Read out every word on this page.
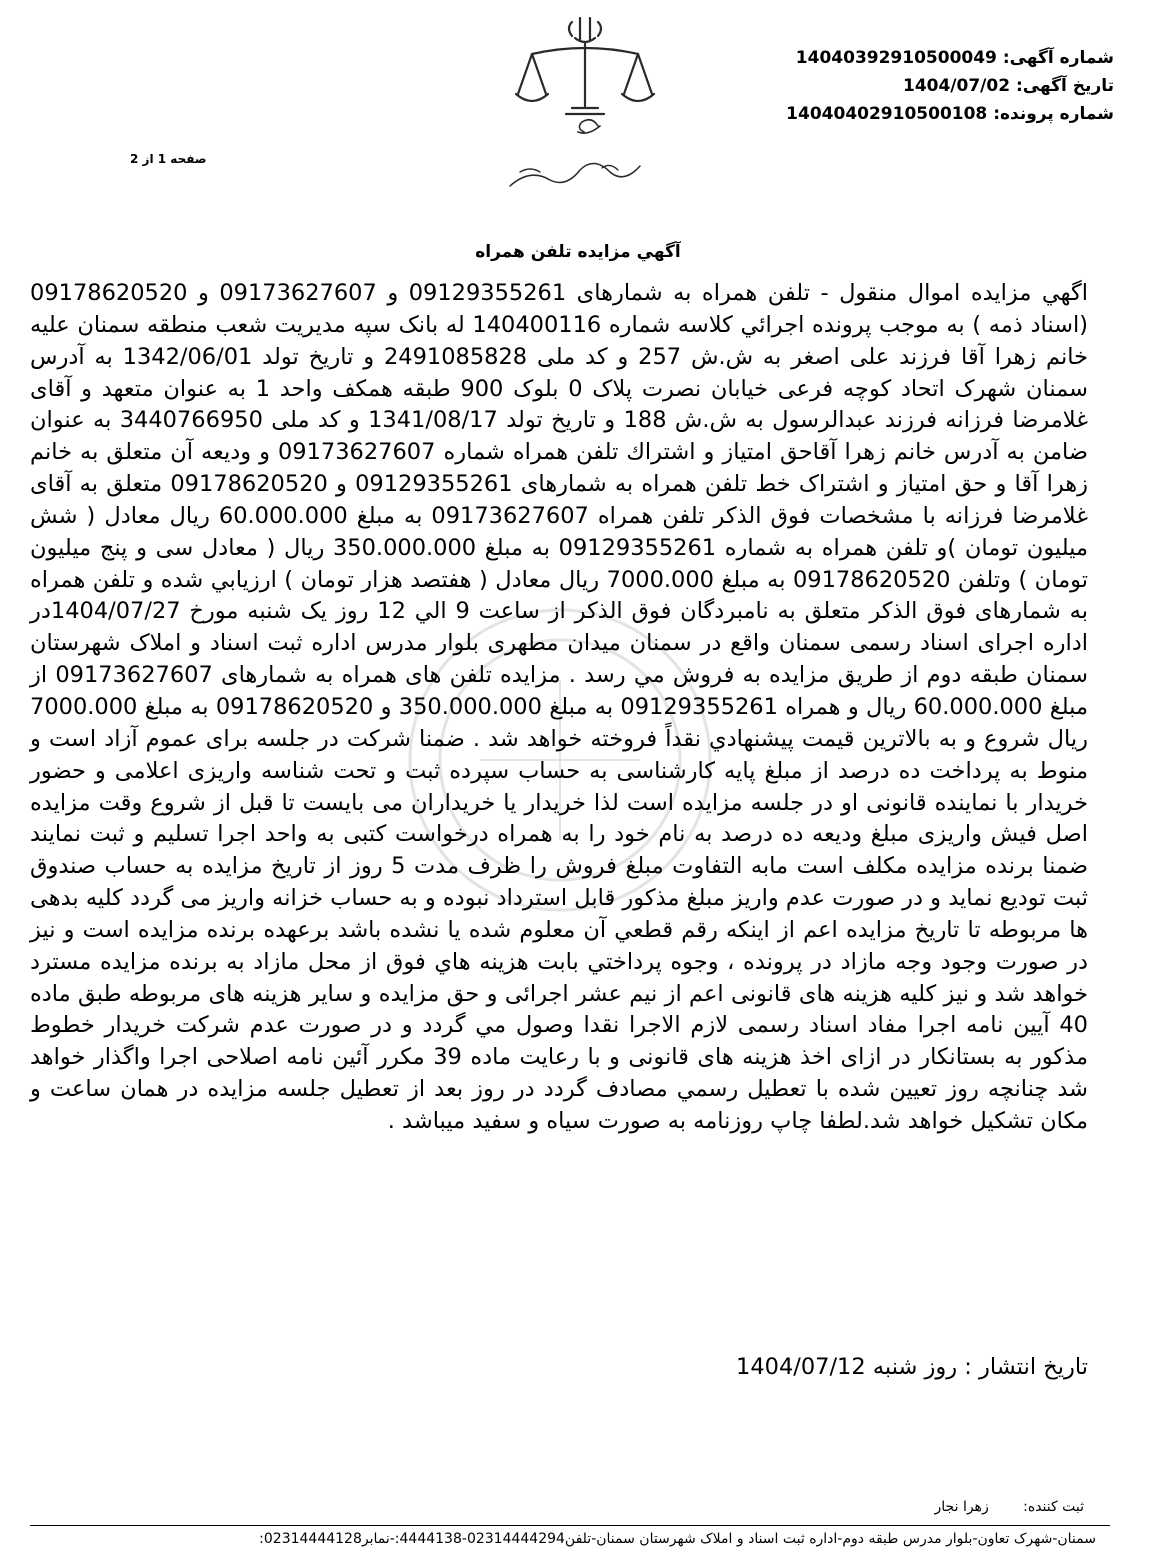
شماره آگهی: 14040392910500049
تاریخ آگهی: 1404/07/02
شماره پرونده: 14040402910500108
صفحه 1 از 2
آگهي مزايده تلفن همراه

اگهي مزايده اموال منقول - تلفن همراه به شمارهای 09129355261 و 09173627607 و 09178620520 (اسناد ذمه ) به موجب پرونده اجرائي كلاسه شماره 140400116 له بانک سپه مدیریت شعب منطقه سمنان علیه خانم زهرا آقا فرزند علی اصغر به ش.ش 257 و کد ملی 2491085828 و تاریخ تولد 1342/06/01 به آدرس سمنان شهرک اتحاد کوچه فرعی خیابان نصرت پلاک 0 بلوک 900 طبقه همکف واحد 1 به عنوان متعهد و آقای غلامرضا فرزانه فرزند عبدالرسول به ش.ش 188 و تاریخ تولد 1341/08/17 و کد ملی 3440766950 به عنوان ضامن به آدرس خانم زهرا آقاحق امتیاز و اشتراك تلفن همراه شماره 09173627607 و ودیعه آن متعلق به خانم زهرا آقا و حق امتیاز و اشتراک خط تلفن همراه به شمارهای 09129355261 و 09178620520 متعلق به آقای غلامرضا فرزانه با مشخصات فوق الذكر تلفن همراه 09173627607 به مبلغ 60.000.000 ريال معادل ( شش میلیون تومان )و تلفن همراه به شماره 09129355261 به مبلغ 350.000.000 ريال ( معادل سی و پنج میلیون تومان ) وتلفن 09178620520 به مبلغ 7000.000 ريال معادل ( هفتصد هزار تومان ) ارزيابي شده و تلفن همراه به شمارهای فوق الذکر متعلق به نامبردگان فوق الذكر از ساعت 9 الي 12 روز یک شنبه مورخ 1404/07/27در اداره اجرای اسناد رسمی سمنان واقع در سمنان میدان مطهری بلوار مدرس اداره ثبت اسناد و املاک شهرستان سمنان طبقه دوم از طريق مزايده به فروش مي رسد . مزایده تلفن های همراه به شمارهای 09173627607 از مبلغ 60.000.000 ریال و همراه 09129355261 به مبلغ 350.000.000 و 09178620520 به مبلغ 7000.000 ریال شروع و به بالاترين قيمت پيشنهادي نقداً فروخته خواهد شد . ضمنا شرکت در جلسه برای عموم آزاد است و منوط به پرداخت ده درصد از مبلغ پایه کارشناسی به حساب سپرده ثبت و تحت شناسه واریزی اعلامی و حضور خریدار با نماینده قانونی او در جلسه مزایده است لذا خریدار یا خریداران می بایست تا قبل از شروع وقت مزایده اصل فیش واریزی مبلغ ودیعه ده درصد به نام خود را به همراه درخواست کتبی به واحد اجرا تسلیم و ثبت نمایند ضمنا برنده مزایده مکلف است مابه التفاوت مبلغ فروش را ظرف مدت 5 روز از تاریخ مزایده به حساب صندوق ثبت تودیع نماید و در صورت عدم واریز مبلغ مذکور قابل استرداد نبوده و به حساب خزانه واریز می گردد کلیه بدهی ها مربوطه تا تاريخ مزايده اعم از اينكه رقم قطعي آن معلوم شده يا نشده باشد برعهده برنده مزايده است و نيز در صورت وجود وجه مازاد در پرونده ، وجوه پرداختي بابت هزينه هاي فوق از محل مازاد به برنده مزايده مسترد خواهد شد و نیز کلیه هزینه های قانونی اعم از نیم عشر اجرائی و حق مزایده و سایر هزینه های مربوطه طبق ماده 40 آیین نامه اجرا مفاد اسناد رسمی لازم الاجرا نقدا وصول مي گردد و در صورت عدم شرکت خریدار خطوط مذکور به بستانکار در ازای اخذ هزینه های قانونی و با رعایت ماده 39 مکرر آئین نامه اصلاحی اجرا واگذار خواهد شد چنانچه روز تعيين شده با تعطيل رسمي مصادف گردد در روز بعد از تعطيل جلسه مزايده در همان ساعت و مكان تشكيل خواهد شد.لطفا چاپ روزنامه به صورت سیاه و سفید میباشد .

تاریخ انتشار : روز شنبه 1404/07/12
ثبت کننده: زهرا نجار
سمنان-شهرک تعاون-بلوار مدرس طبقه دوم-اداره ثبت اسناد و املاک شهرستان سمنان-تلفن02314444294-4444138:-نمابر02314444128:
